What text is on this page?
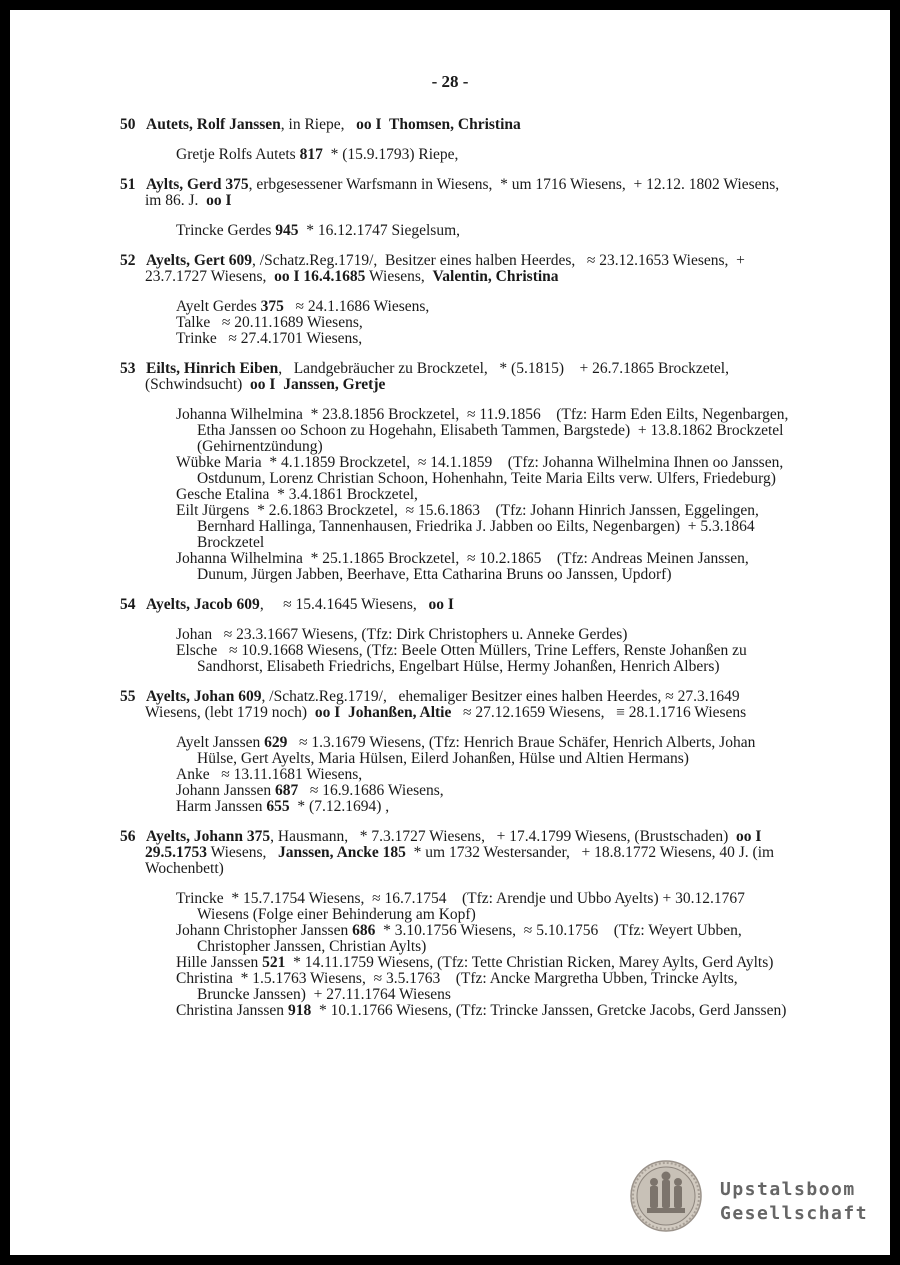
- 28 -
50 Autets, Rolf Janssen, in Riepe,   oo I  Thomsen, Christina
Gretje Rolfs Autets 817  * (15.9.1793) Riepe,
51 Aylts, Gerd 375, erbgesessener Warfsmann in Wiesens,  * um 1716 Wiesens,  + 12.12. 1802 Wiesens, im 86. J.  oo I
Trincke Gerdes 945  * 16.12.1747 Siegelsum,
52 Ayelts, Gert 609, /Schatz.Reg.1719/,  Besitzer eines halben Heerdes,   ≈ 23.12.1653 Wiesens,  + 23.7.1727 Wiesens,  oo I 16.4.1685 Wiesens,  Valentin, Christina
Ayelt Gerdes 375   ≈ 24.1.1686 Wiesens,
Talke   ≈ 20.11.1689 Wiesens,
Trinke   ≈ 27.4.1701 Wiesens,
53 Eilts, Hinrich Eiben,   Landgebräucher zu Brockzetel,   * (5.1815)    + 26.7.1865 Brockzetel, (Schwindsucht)  oo I  Janssen, Gretje
Johanna Wilhelmina  * 23.8.1856 Brockzetel,  ≈ 11.9.1856    (Tfz: Harm Eden Eilts, Negenbargen, Etha Janssen oo Schoon zu Hogehahn, Elisabeth Tammen, Bargstede)  + 13.8.1862 Brockzetel (Gehirnentzündung)
Wübke Maria  * 4.1.1859 Brockzetel,  ≈ 14.1.1859    (Tfz: Johanna Wilhelmina Ihnen oo Janssen, Ostdunum, Lorenz Christian Schoon, Hohenhahn, Teite Maria Eilts verw. Ulfers, Friedeburg)
Gesche Etalina  * 3.4.1861 Brockzetel,
Eilt Jürgens  * 2.6.1863 Brockzetel,  ≈ 15.6.1863    (Tfz: Johann Hinrich Janssen, Eggelingen, Bernhard Hallinga, Tannenhausen, Friedrika J. Jabben oo Eilts, Negenbargen)  + 5.3.1864 Brockzetel
Johanna Wilhelmina  * 25.1.1865 Brockzetel,  ≈ 10.2.1865    (Tfz: Andreas Meinen Janssen, Dunum, Jürgen Jabben, Beerhave, Etta Catharina Bruns oo Janssen, Updorf)
54 Ayelts, Jacob 609,     ≈ 15.4.1645 Wiesens,   oo I
Johan   ≈ 23.3.1667 Wiesens, (Tfz: Dirk Christophers u. Anneke Gerdes)
Elsche   ≈ 10.9.1668 Wiesens, (Tfz: Beele Otten Müllers, Trine Leffers, Renste Johanßen zu Sandhorst, Elisabeth Friedrichs, Engelbart Hülse, Hermy Johanßen, Henrich Albers)
55 Ayelts, Johan 609, /Schatz.Reg.1719/,   ehemaliger Besitzer eines halben Heerdes, ≈ 27.3.1649 Wiesens, (lebt 1719 noch)  oo I  Johanßen, Altie   ≈ 27.12.1659 Wiesens,   ≡ 28.1.1716 Wiesens
Ayelt Janssen 629   ≈ 1.3.1679 Wiesens, (Tfz: Henrich Braue Schäfer, Henrich Alberts, Johan Hülse, Gert Ayelts, Maria Hülsen, Eilerd Johanßen, Hülse und Altien Hermans)
Anke   ≈ 13.11.1681 Wiesens,
Johann Janssen 687   ≈ 16.9.1686 Wiesens,
Harm Janssen 655  * (7.12.1694) ,
56 Ayelts, Johann 375, Hausmann,   * 7.3.1727 Wiesens,   + 17.4.1799 Wiesens, (Brustschaden)  oo I 29.5.1753 Wiesens,   Janssen, Ancke 185  * um 1732 Westersander,   + 18.8.1772 Wiesens, 40 J. (im Wochenbett)
Trincke  * 15.7.1754 Wiesens,  ≈ 16.7.1754    (Tfz: Arendje und Ubbo Ayelts) + 30.12.1767 Wiesens (Folge einer Behinderung am Kopf)
Johann Christopher Janssen 686  * 3.10.1756 Wiesens,  ≈ 5.10.1756    (Tfz: Weyert Ubben, Christopher Janssen, Christian Aylts)
Hille Janssen 521  * 14.11.1759 Wiesens, (Tfz: Tette Christian Ricken, Marey Aylts, Gerd Aylts)
Christina  * 1.5.1763 Wiesens,  ≈ 3.5.1763    (Tfz: Ancke Margretha Ubben, Trincke Aylts, Bruncke Janssen)  + 27.11.1764 Wiesens
Christina Janssen 918  * 10.1.1766 Wiesens, (Tfz: Trincke Janssen, Gretcke Jacobs, Gerd Janssen)
Upstalsboom
Gesellschaft
